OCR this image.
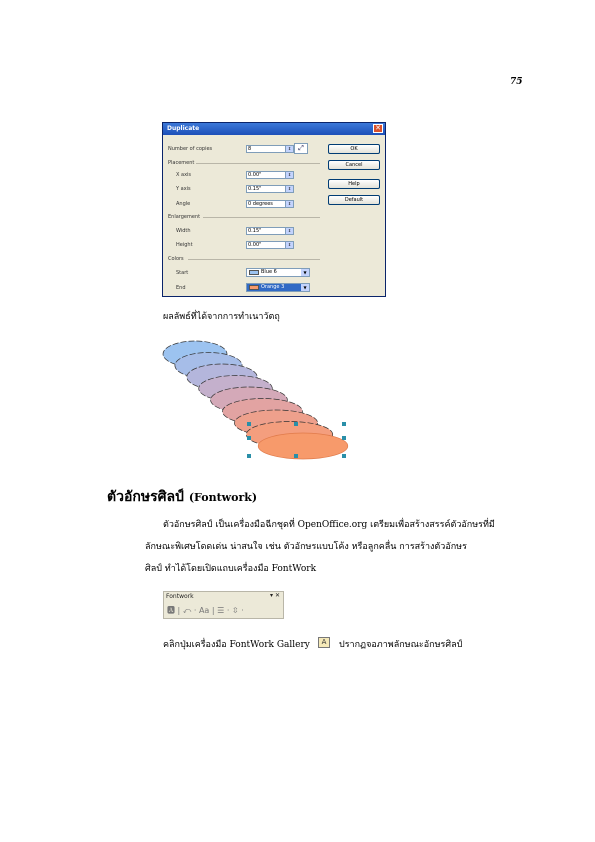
75
Duplicate	✕
Number of copies	8	⇕	⤢
Placement
X axis	0.00"	⇕
Y axis	0.15"	⇕
Angle	0 degrees	⇕
Enlargement
Width	0.15"	⇕
Height	0.00"	⇕
Colors
Start	Blue 6	▼
End	Orange 3	▼
OK
Cancel
Help
Default
ผลลัพธ์ที่ได้จากการทำเนาวัตถุ
ตัวอักษรศิลป์ (Fontwork)
ตัวอักษรศิลป์ เป็นเครื่องมือฉีกชุดที่ OpenOffice.org เตรียมเพื่อสร้างสรรค์ตัวอักษรที่มี
ลักษณะพิเศษโดดเด่น น่าสนใจ เช่น ตัวอักษรแบบโค้ง หรือลูกคลื่น การสร้างตัวอักษร
ศิลป์ ทำได้โดยเปิดแถบเครื่องมือ FontWork
Fontwork	▾ ✕
🅰 | ⤺ · Aa | ☰ · ⇳ ·
คลิกปุ่มเครื่องมือ FontWork Gallery	A	ปรากฏจอภาพลักษณะอักษรศิลป์
